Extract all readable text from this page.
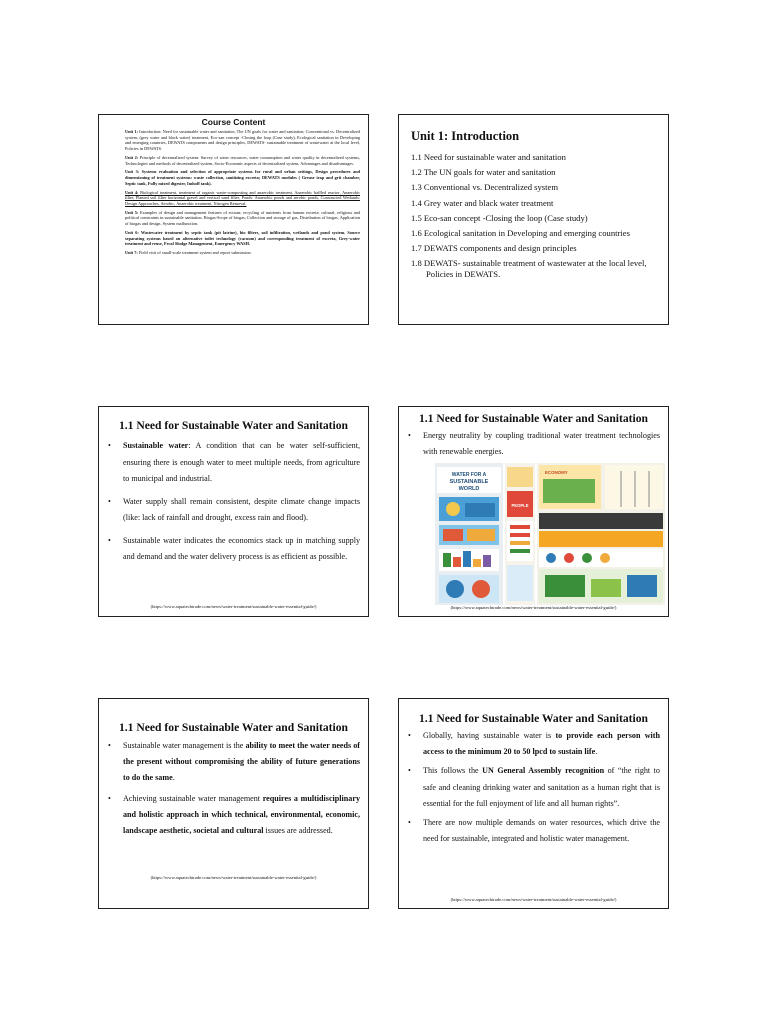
Course Content
Unit 1: Introduction: Need for sustainable water and sanitation, The UN goals for water and sanitation, Conventional vs. Decentralized system, (grey water and black water) treatment, Eco-san concept -Closing the loop (Case study), Ecological sanitation in Developing and emerging countries, DEWATS components and design principles, DEWATS- sustainable treatment of wastewater at the local level, Policies in DEWATS.
Unit 2: Principle of decentralized system: Survey of water resources, water consumption and water quality in decentralized systems, Technologies and methods of decentralized system, Socio-Economic aspects of decentralized system, Advantages and disadvantages.
Unit 3: Systems evaluation and selection of appropriate systems for rural and urban settings, Design procedures and dimensioning of treatment systems: waste collection, sanitizing excreta; DEWATS modules ( Grease trap and grit chamber, Septic tank, Fully mixed digester, Imhoff tank).
Unit 4: Biological treatment, treatment of organic waste-composting and anaerobic treatment, Anaerobic baffled reactor, Anaerobic filter, Planted soil filter horizontal gravel and vertical sand filter, Ponds: Anaerobic ponds and aerobic ponds, Constructed Wetlands: Design Approaches, Aerobic, Anaerobic treatment, Nitrogen Removal.
Unit 5: Examples of design and management features of ecosan; recycling of nutrients from human excreta; cultural, religious and political constraints in sustainable sanitation. Biogas-Scope of biogas, Collection and storage of gas, Distribution of biogas, Application of biogas and design, System malfunction.
Unit 6: Wastewater treatment by septic tank (pit latrine), bio filters, soil infiltration, wetlands and pond system. Source separating systems based on alternative toilet technology (vacuum) and corresponding treatment of excreta, Grey-water treatment and reuse, Fecal Sludge Management, Emergency WASH.
Unit 7: Field visit of small-scale treatment system and report submission.
Unit 1: Introduction
1.1 Need for sustainable water and sanitation
1.2 The UN goals for water and sanitation
1.3 Conventional vs. Decentralized system
1.4 Grey water and black water treatment
1.5 Eco-san concept -Closing the loop (Case study)
1.6 Ecological sanitation in Developing and emerging countries
1.7 DEWATS components and design principles
1.8 DEWATS- sustainable treatment of wastewater at the local level, Policies in DEWATS.
1.1 Need for Sustainable Water and Sanitation
• Sustainable water: A condition that can be water self-sufficient, ensuring there is enough water to meet multiple needs, from agriculture to municipal and industrial.
• Water supply shall remain consistent, despite climate change impacts (like: lack of rainfall and drought, excess rain and flood).
• Sustainable water indicates the economics stack up in matching supply and demand and the water delivery process is as efficient as possible.
(https://www.aquatechtrade.com/news/water-treatment/sustainable-water-essential-guide/)
1.1 Need for Sustainable Water and Sanitation
• Energy neutrality by coupling traditional water treatment technologies with renewable energies.
WATER FOR A
SUSTAINABLE
WORLD
PEOPLE
ECONOMY
(https://www.aquatechtrade.com/news/water-treatment/sustainable-water-essential-guide/)
1.1 Need for Sustainable Water and Sanitation
• Sustainable water management is the ability to meet the water needs of the present without compromising the ability of future generations to do the same.
• Achieving sustainable water management requires a multidisciplinary and holistic approach in which technical, environmental, economic, landscape aesthetic, societal and cultural issues are addressed.
(https://www.aquatechtrade.com/news/water-treatment/sustainable-water-essential-guide/)
1.1 Need for Sustainable Water and Sanitation
• Globally, having sustainable water is to provide each person with access to the minimum 20 to 50 lpcd to sustain life.
• This follows the UN General Assembly recognition of “the right to safe and cleaning drinking water and sanitation as a human right that is essential for the full enjoyment of life and all human rights”.
• There are now multiple demands on water resources, which drive the need for sustainable, integrated and holistic water management.
(https://www.aquatechtrade.com/news/water-treatment/sustainable-water-essential-guide/)
